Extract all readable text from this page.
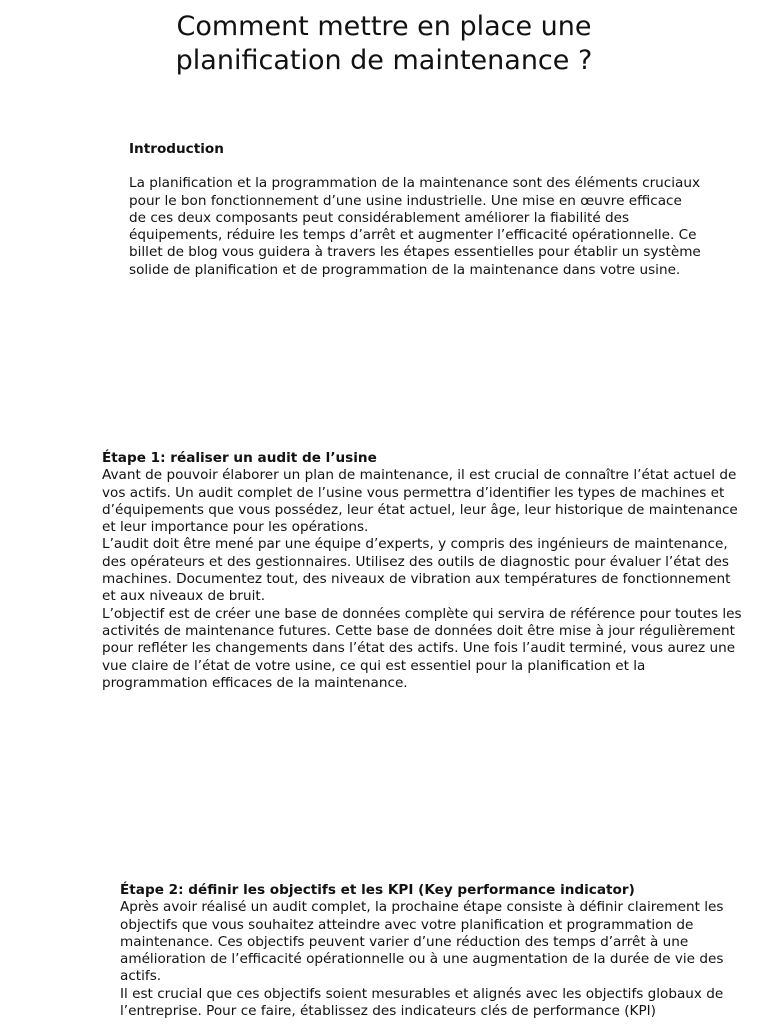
Comment mettre en place une
planification de maintenance ?

Introduction

La planification et la programmation de la maintenance sont des éléments cruciaux pour le bon fonctionnement d’une usine industrielle. Une mise en œuvre efficace de ces deux composants peut considérablement améliorer la fiabilité des équipements, réduire les temps d’arrêt et augmenter l’efficacité opérationnelle. Ce billet de blog vous guidera à travers les étapes essentielles pour établir un système solide de planification et de programmation de la maintenance dans votre usine.

Étape 1: réaliser un audit de l’usine

Avant de pouvoir élaborer un plan de maintenance, il est crucial de connaître l’état actuel de vos actifs. Un audit complet de l’usine vous permettra d’identifier les types de machines et d’équipements que vous possédez, leur état actuel, leur âge, leur historique de maintenance et leur importance pour les opérations.

L’audit doit être mené par une équipe d’experts, y compris des ingénieurs de maintenance, des opérateurs et des gestionnaires. Utilisez des outils de diagnostic pour évaluer l’état des machines. Documentez tout, des niveaux de vibration aux températures de fonctionnement et aux niveaux de bruit.

L’objectif est de créer une base de données complète qui servira de référence pour toutes les activités de maintenance futures. Cette base de données doit être mise à jour régulièrement pour refléter les changements dans l’état des actifs. Une fois l’audit terminé, vous aurez une vue claire de l’état de votre usine, ce qui est essentiel pour la planification et la programmation efficaces de la maintenance.

Étape 2: définir les objectifs et les KPI (Key performance indicator)

Après avoir réalisé un audit complet, la prochaine étape consiste à définir clairement les objectifs que vous souhaitez atteindre avec votre planification et programmation de maintenance. Ces objectifs peuvent varier d’une réduction des temps d’arrêt à une amélioration de l’efficacité opérationnelle ou à une augmentation de la durée de vie des actifs.

Il est crucial que ces objectifs soient mesurables et alignés avec les objectifs globaux de l’entreprise. Pour ce faire, établissez des indicateurs clés de performance (KPI)
